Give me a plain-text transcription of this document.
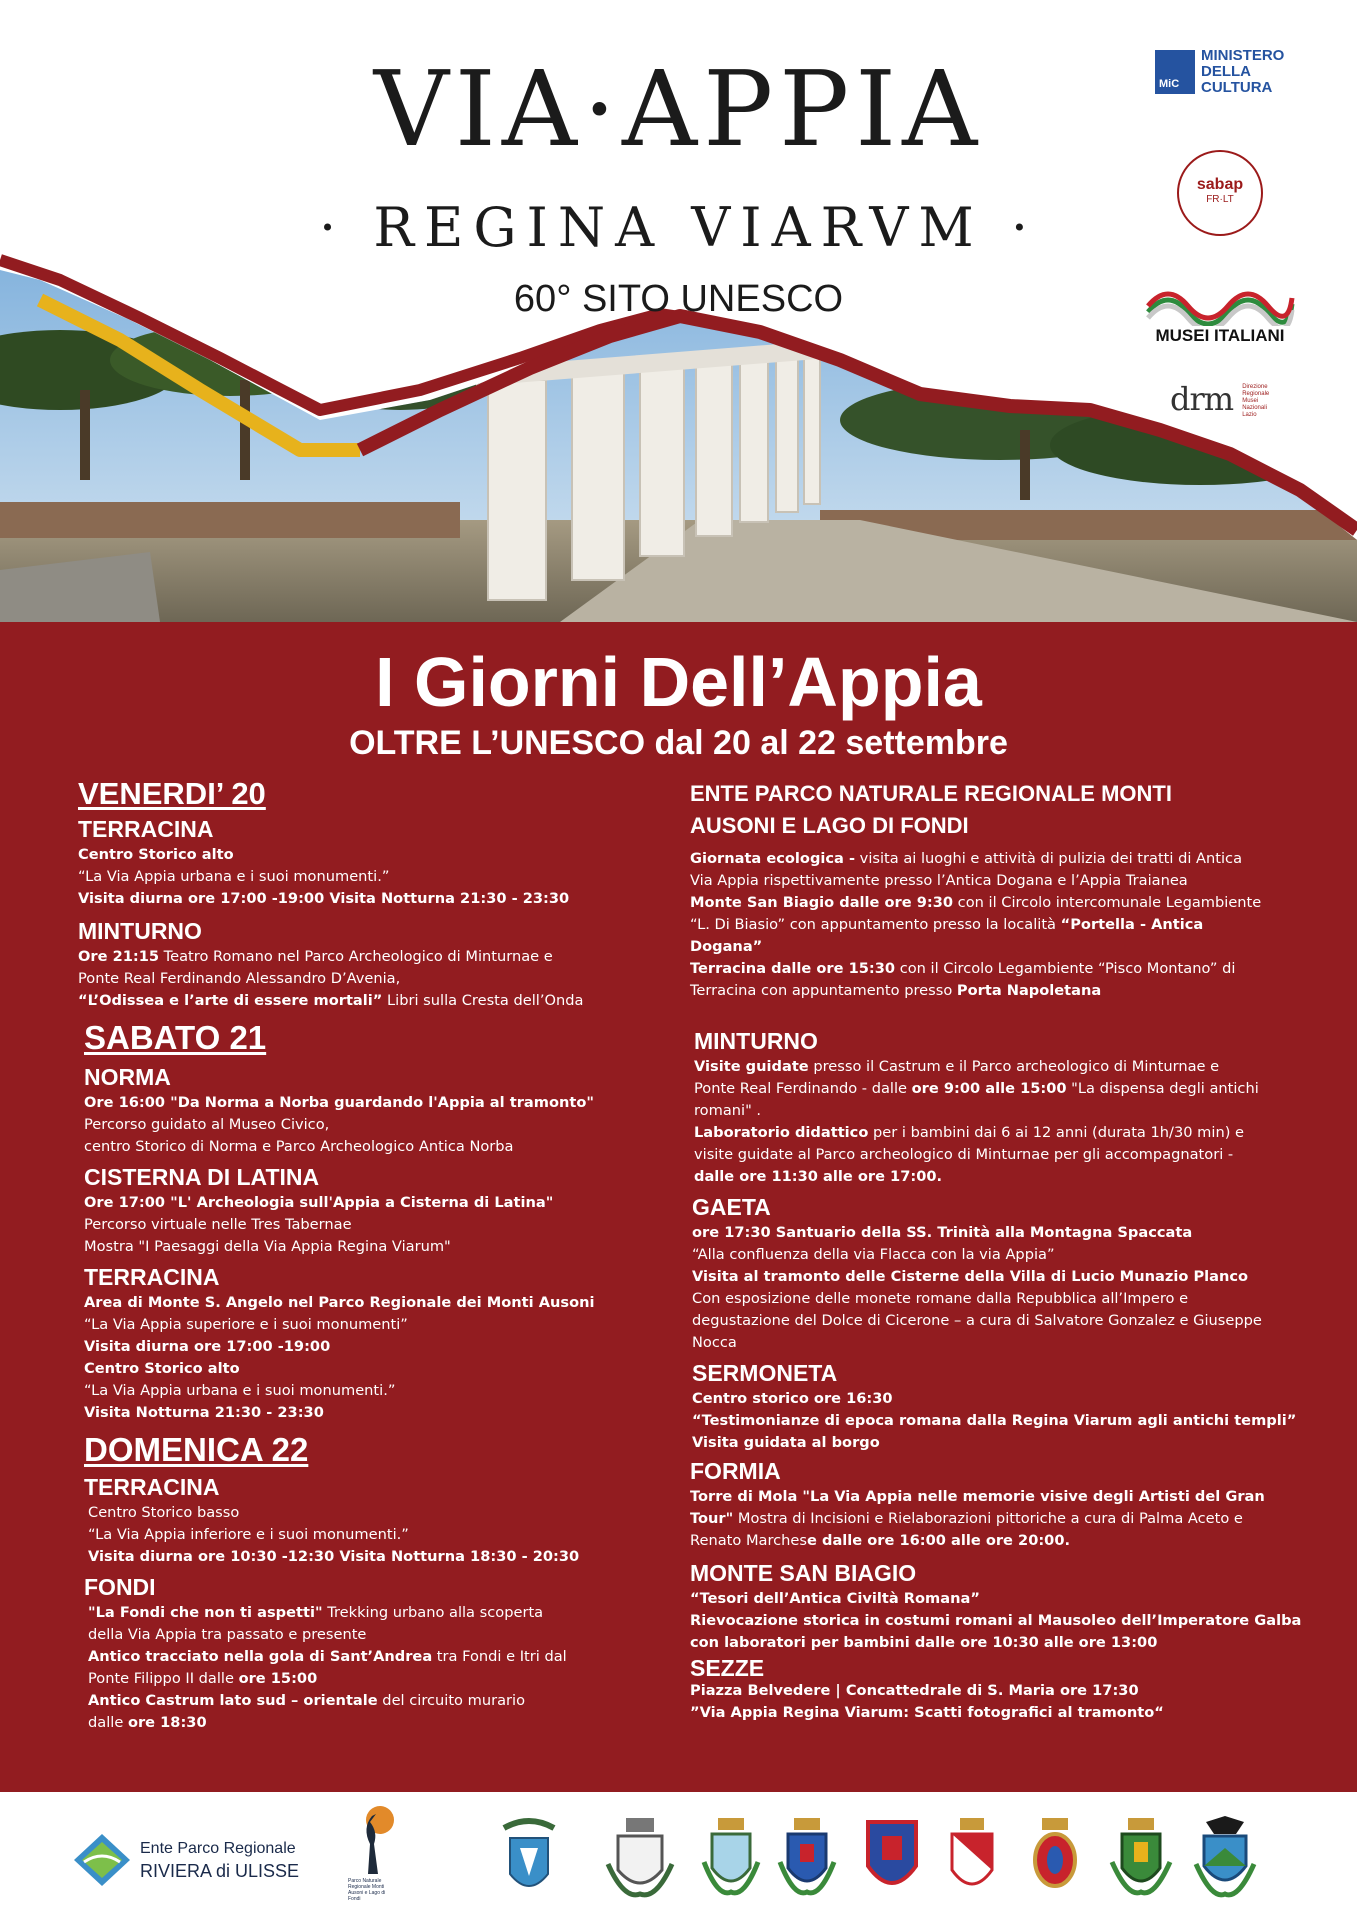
VIA·APPIA
· REGINA VIARVM ·
60° SITO UNESCO
MiC
MINISTERO
DELLA
CULTURA
sabap
FR·LT
MUSEI ITALIANI
drm Direzione
Regionale
Musei
Nazionali
Lazio
I Giorni Dell’Appia
OLTRE L’UNESCO dal 20 al 22 settembre
VENERDI’ 20
TERRACINA
Centro Storico alto
“La Via Appia urbana e i suoi monumenti.”
Visita diurna ore 17:00 -19:00 Visita Notturna 21:30 - 23:30
MINTURNO
Ore 21:15 Teatro Romano nel Parco Archeologico di Minturnae e
Ponte Real Ferdinando Alessandro D’Avenia,
“L’Odissea e l’arte di essere mortali” Libri sulla Cresta dell’Onda
SABATO 21
NORMA
Ore 16:00 "Da Norma a Norba guardando l'Appia al tramonto"
Percorso guidato al Museo Civico,
centro Storico di Norma e Parco Archeologico Antica Norba
CISTERNA DI LATINA
Ore 17:00 "L' Archeologia sull'Appia a Cisterna di Latina"
Percorso virtuale nelle Tres Tabernae
Mostra "I Paesaggi della Via Appia Regina Viarum"
TERRACINA
Area di Monte S. Angelo nel Parco Regionale dei Monti Ausoni
“La Via Appia superiore e i suoi monumenti”
Visita diurna ore 17:00 -19:00
Centro Storico alto
“La Via Appia urbana e i suoi monumenti.”
Visita Notturna 21:30 - 23:30
DOMENICA 22
TERRACINA
Centro Storico basso
“La Via Appia inferiore e i suoi monumenti.”
Visita diurna ore 10:30 -12:30 Visita Notturna 18:30 - 20:30
FONDI
"La Fondi che non ti aspetti" Trekking urbano alla scoperta
della Via Appia tra passato e presente
Antico tracciato nella gola di Sant’Andrea tra Fondi e Itri dal
Ponte Filippo II dalle ore 15:00
Antico Castrum lato sud – orientale del circuito murario
dalle ore 18:30
ENTE PARCO NATURALE REGIONALE MONTI
AUSONI E LAGO DI FONDI
Giornata ecologica - visita ai luoghi e attività di pulizia dei tratti di Antica
Via Appia rispettivamente presso l’Antica Dogana e l’Appia Traianea
Monte San Biagio dalle ore 9:30 con il Circolo intercomunale Legambiente
“L. Di Biasio” con appuntamento presso la località “Portella - Antica
Dogana”
Terracina dalle ore 15:30 con il Circolo Legambiente “Pisco Montano” di
Terracina con appuntamento presso Porta Napoletana
MINTURNO
Visite guidate presso il Castrum e il Parco archeologico di Minturnae e
Ponte Real Ferdinando - dalle ore 9:00 alle 15:00 "La dispensa degli antichi
romani" .
Laboratorio didattico per i bambini dai 6 ai 12 anni (durata 1h/30 min) e
visite guidate al Parco archeologico di Minturnae per gli accompagnatori -
dalle ore 11:30 alle ore 17:00.
GAETA
ore 17:30 Santuario della SS. Trinità alla Montagna Spaccata
“Alla confluenza della via Flacca con la via Appia”
Visita al tramonto delle Cisterne della Villa di Lucio Munazio Planco
Con esposizione delle monete romane dalla Repubblica all’Impero e
degustazione del Dolce di Cicerone – a cura di Salvatore Gonzalez e Giuseppe
Nocca
SERMONETA
Centro storico ore 16:30
“Testimonianze di epoca romana dalla Regina Viarum agli antichi templi”
Visita guidata al borgo
FORMIA
Torre di Mola "La Via Appia nelle memorie visive degli Artisti del Gran
Tour" Mostra di Incisioni e Rielaborazioni pittoriche a cura di Palma Aceto e
Renato Marchese dalle ore 16:00 alle ore 20:00.
MONTE SAN BIAGIO
“Tesori dell’Antica Civiltà Romana”
Rievocazione storica in costumi romani al Mausoleo dell’Imperatore Galba
con laboratori per bambini dalle ore 10:30 alle ore 13:00
SEZZE
Piazza Belvedere | Concattedrale di S. Maria ore 17:30
”Via Appia Regina Viarum: Scatti fotografici al tramonto“
Ente Parco Regionale
RIVIERA di ULISSE	Parco Naturale Regionale Monti Ausoni e Lago di Fondi
